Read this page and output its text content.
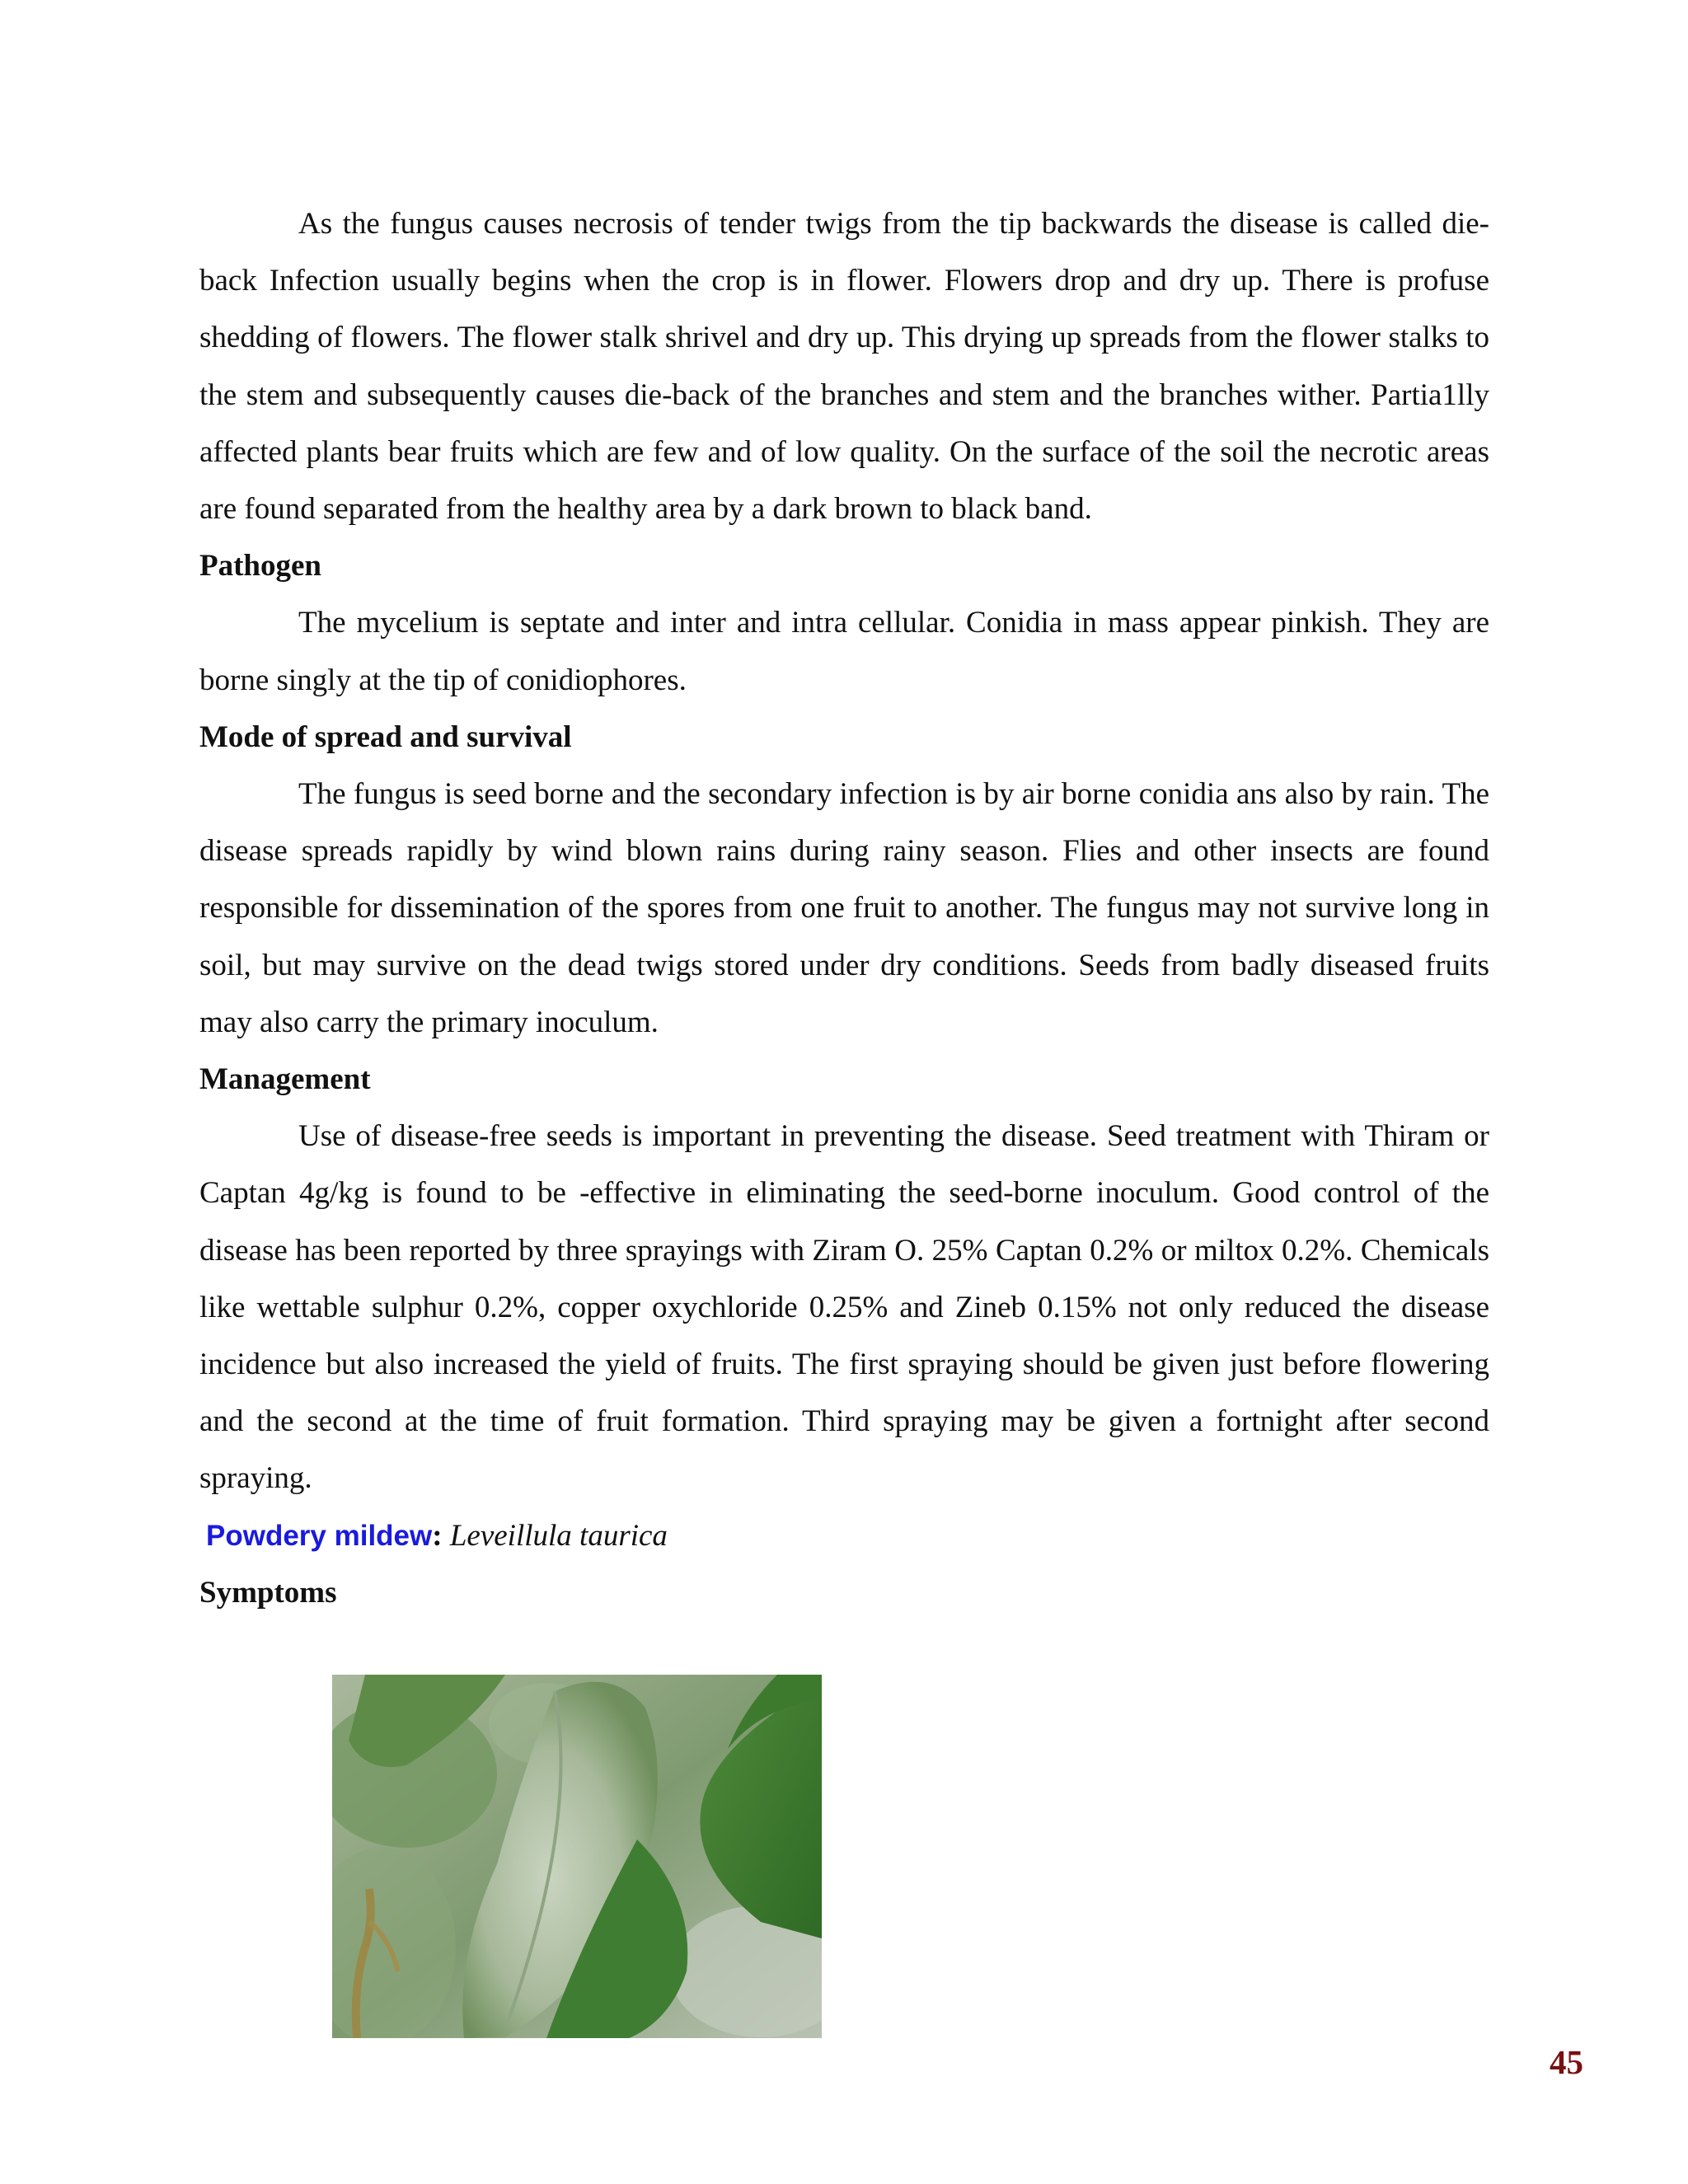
As the fungus causes necrosis of tender twigs from the tip backwards the disease is called die-back Infection usually begins when the crop is in flower. Flowers drop and dry up. There is profuse shedding of flowers. The flower stalk shrivel and dry up. This drying up spreads from the flower stalks to the stem and subsequently causes die-back of the branches and stem and the branches wither. Partia1lly affected plants bear fruits which are few and of low quality. On the surface of the soil the necrotic areas are found separated from the healthy area by a dark brown to black band.

Pathogen

The mycelium is septate and inter and intra cellular. Conidia in mass appear pinkish. They are borne singly at the tip of conidiophores.

Mode of spread and survival

The fungus is seed borne and the secondary infection is by air borne conidia ans also by rain. The disease spreads rapidly by wind blown rains during rainy season. Flies and other insects are found responsible for dissemination of the spores from one fruit to another. The fungus may not survive long in soil, but may survive on the dead twigs stored under dry conditions. Seeds from badly diseased fruits may also carry the primary inoculum.

Management

Use of disease-free seeds is important in preventing the disease. Seed treatment with Thiram or Captan 4g/kg is found to be -effective in eliminating the seed-borne inoculum. Good control of the disease has been reported by three sprayings with Ziram O. 25% Captan 0.2% or miltox 0.2%. Chemicals like wettable sulphur 0.2%, copper oxychloride 0.25% and Zineb 0.15% not only reduced the disease incidence but also increased the yield of fruits. The first spraying should be given just before flowering and the second at the time of fruit formation. Third spraying may be given a fortnight after second spraying.

Powdery mildew: Leveillula taurica

Symptoms

45
